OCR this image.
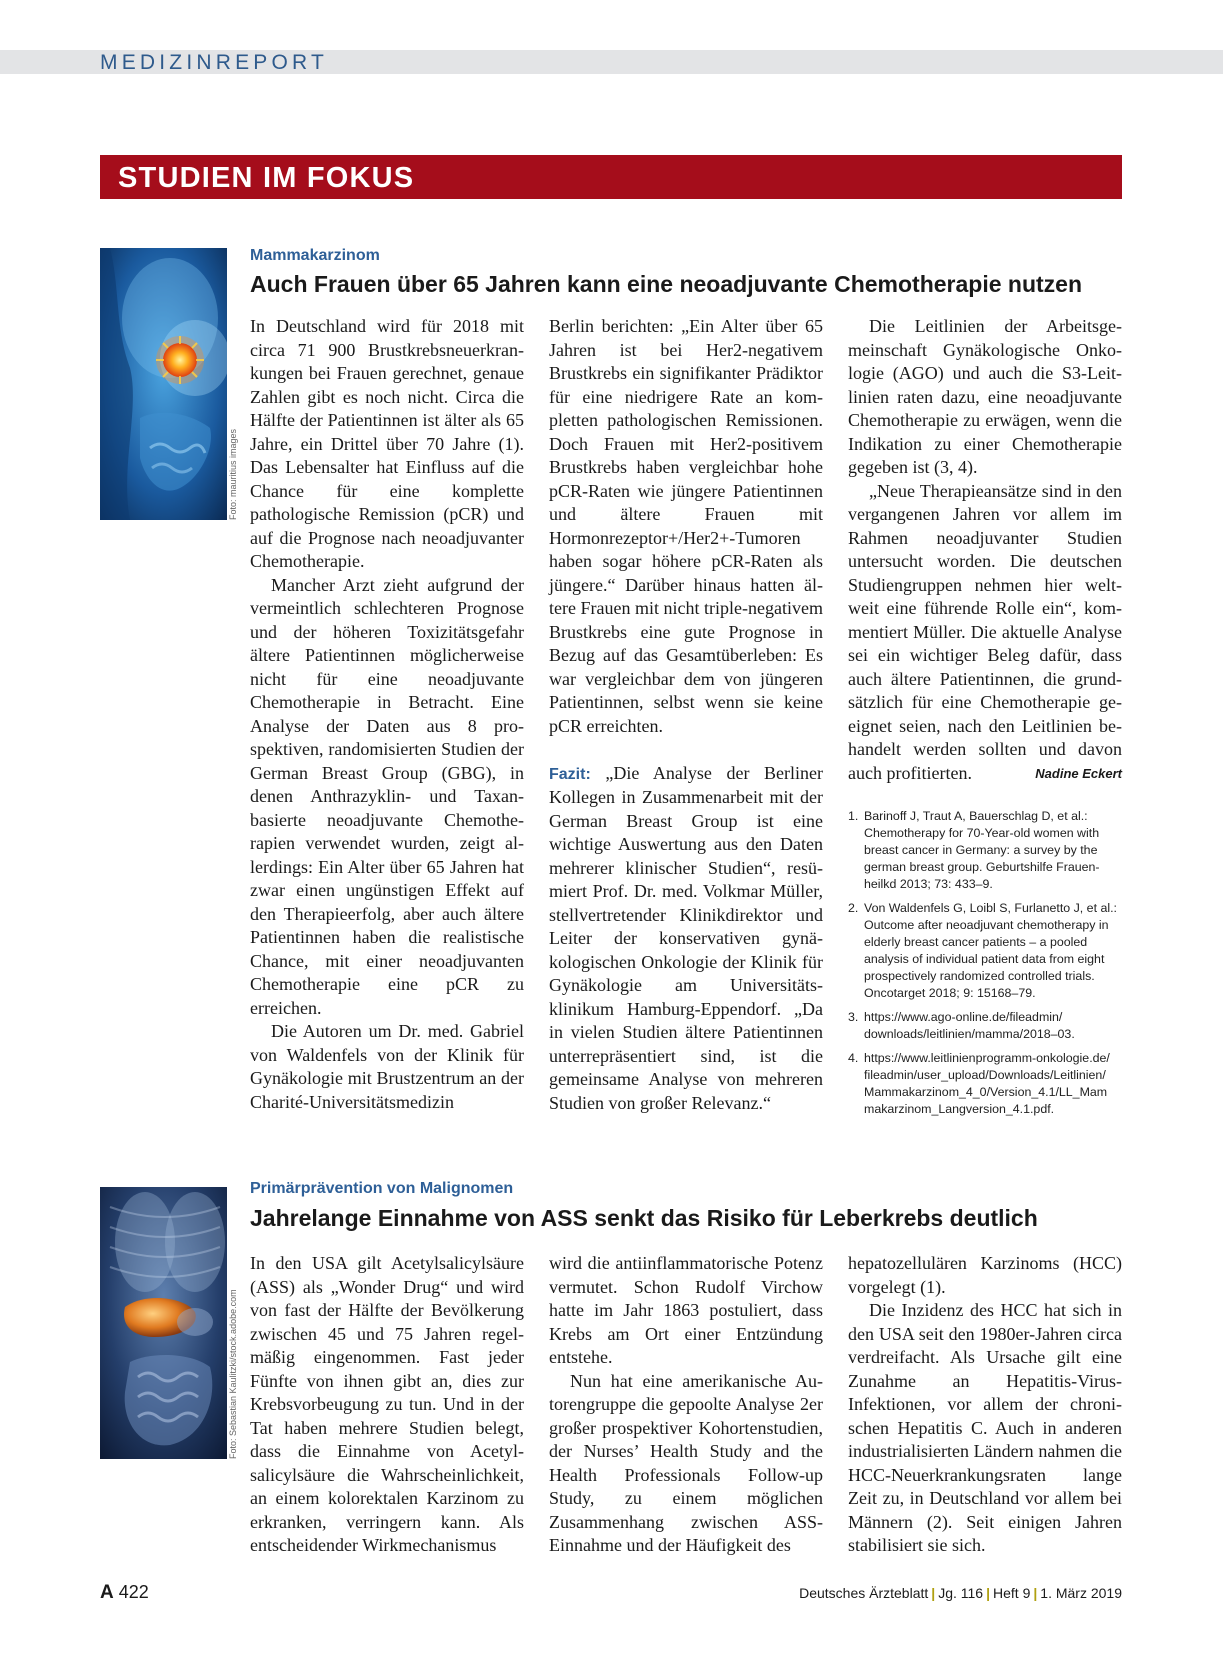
MEDIZINREPORT
STUDIEN IM FOKUS
Foto: mauritius images
Mammakarzinom
Auch Frauen über 65 Jahren kann eine neoadjuvante Chemotherapie nutzen

In Deutschland wird für 2018 mit circa 71 900 Brustkrebsneuerkrankungen bei Frauen gerechnet, genaue Zahlen gibt es noch nicht. Circa die Hälfte der Patientinnen ist älter als 65 Jahre, ein Drittel über 70 Jahre (1). Das Lebensalter hat Einfluss auf die Chance für eine komplette pathologische Remission (pCR) und auf die Prognose nach neoadjuvanter Chemotherapie.

Mancher Arzt zieht aufgrund der vermeintlich schlechteren Prognose und der höheren Toxizitätsgefahr ältere Patientinnen möglicherweise nicht für eine neoadjuvante Chemotherapie in Betracht. Eine Analyse der Daten aus 8 prospektiven, randomisierten Studien der German Breast Group (GBG), in denen Anthrazyklin- und Taxanbasierte neoadjuvante Chemotherapien verwendet wurden, zeigt allerdings: Ein Alter über 65 Jahren hat zwar einen ungünstigen Effekt auf den Therapieerfolg, aber auch ältere Patientinnen haben die realistische Chance, mit einer neoadjuvanten Chemotherapie eine pCR zu erreichen.

Die Autoren um Dr. med. Gabriel von Waldenfels von der Klinik für Gynäkologie mit Brustzentrum an der Charité-Universitätsmedizin

Berlin berichten: „Ein Alter über 65 Jahren ist bei Her2-negativem Brustkrebs ein signifikanter Prädiktor für eine niedrigere Rate an kompletten pathologischen Remissionen. Doch Frauen mit Her2-positivem Brustkrebs haben vergleichbar hohe pCR-Raten wie jüngere Patientinnen und ältere Frauen mit Hormonrezeptor+/Her2+-Tumoren haben sogar höhere pCR-Raten als jüngere.“ Darüber hinaus hatten ältere Frauen mit nicht triple-negativem Brustkrebs eine gute Prognose in Bezug auf das Gesamtüberleben: Es war vergleichbar dem von jüngeren Patientinnen, selbst wenn sie keine pCR erreichten.

Fazit: „Die Analyse der Berliner Kollegen in Zusammenarbeit mit der German Breast Group ist eine wichtige Auswertung aus den Daten mehrerer klinischer Studien“, resümiert Prof. Dr. med. Volkmar Müller, stellvertretender Klinikdirektor und Leiter der konservativen gynäkologischen Onkologie der Klinik für Gynäkologie am Universitätsklinikum Hamburg-Eppendorf. „Da in vielen Studien ältere Patientinnen unterrepräsentiert sind, ist die gemeinsame Analyse von mehreren Studien von großer Relevanz.“

Die Leitlinien der Arbeitsgemeinschaft Gynäkologische Onkologie (AGO) und auch die S3-Leitlinien raten dazu, eine neoadjuvante Chemotherapie zu erwägen, wenn die Indikation zu einer Chemotherapie gegeben ist (3, 4).

„Neue Therapieansätze sind in den vergangenen Jahren vor allem im Rahmen neoadjuvanter Studien untersucht worden. Die deutschen Studiengruppen nehmen hier weltweit eine führende Rolle ein“, kommentiert Müller. Die aktuelle Analyse sei ein wichtiger Beleg dafür, dass auch ältere Patientinnen, die grundsätzlich für eine Chemotherapie geeignet seien, nach den Leitlinien behandelt werden sollten und davon auch profitierten.	Nadine Eckert

1. Barinoff J, Traut A, Bauerschlag D, et al.: Chemotherapy for 70-Year-old women with breast cancer in Germany: a survey by the german breast group. Geburtshilfe Frauenheilkd 2013; 73: 433–9.
2. Von Waldenfels G, Loibl S, Furlanetto J, et al.: Outcome after neoadjuvant chemotherapy in elderly breast cancer patients – a pooled analysis of individual patient data from eight prospectively randomized controlled trials. Oncotarget 2018; 9: 15168–79.
3. https://www.ago-online.de/fileadmin/ downloads/leitlinien/mamma/2018–03.
4. https://www.leitlinienprogramm-onkologie.de/ fileadmin/user_upload/Downloads/Leitlinien/ Mammakarzinom_4_0/Version_4.1/LL_Mam makarzinom_Langversion_4.1.pdf.
Foto: Sebastian Kaulitzki/stock.adobe.com
Primärprävention von Malignomen
Jahrelange Einnahme von ASS senkt das Risiko für Leberkrebs deutlich

In den USA gilt Acetylsalicylsäure (ASS) als „Wonder Drug“ und wird von fast der Hälfte der Bevölkerung zwischen 45 und 75 Jahren regelmäßig eingenommen. Fast jeder Fünfte von ihnen gibt an, dies zur Krebsvorbeugung zu tun. Und in der Tat haben mehrere Studien belegt, dass die Einnahme von Acetylsalicylsäure die Wahrscheinlichkeit, an einem kolorektalen Karzinom zu erkranken, verringern kann. Als entscheidender Wirkmechanismus

wird die antiinflammatorische Potenz vermutet. Schon Rudolf Virchow hatte im Jahr 1863 postuliert, dass Krebs am Ort einer Entzündung entstehe.

Nun hat eine amerikanische Autorengruppe die gepoolte Analyse 2er großer prospektiver Kohortenstudien, der Nurses’ Health Study and the Health Professionals Follow-up Study, zu einem möglichen Zusammenhang zwischen ASS-Einnahme und der Häufigkeit des

hepatozellulären Karzinoms (HCC) vorgelegt (1).

Die Inzidenz des HCC hat sich in den USA seit den 1980er-Jahren circa verdreifacht. Als Ursache gilt eine Zunahme an Hepatitis-Virus-Infektionen, vor allem der chronischen Hepatitis C. Auch in anderen industrialisierten Ländern nahmen die HCC-Neuerkrankungsraten lange Zeit zu, in Deutschland vor allem bei Männern (2). Seit einigen Jahren stabilisiert sie sich.

A 422	Deutsches Ärzteblatt | Jg. 116 | Heft 9 | 1. März 2019
